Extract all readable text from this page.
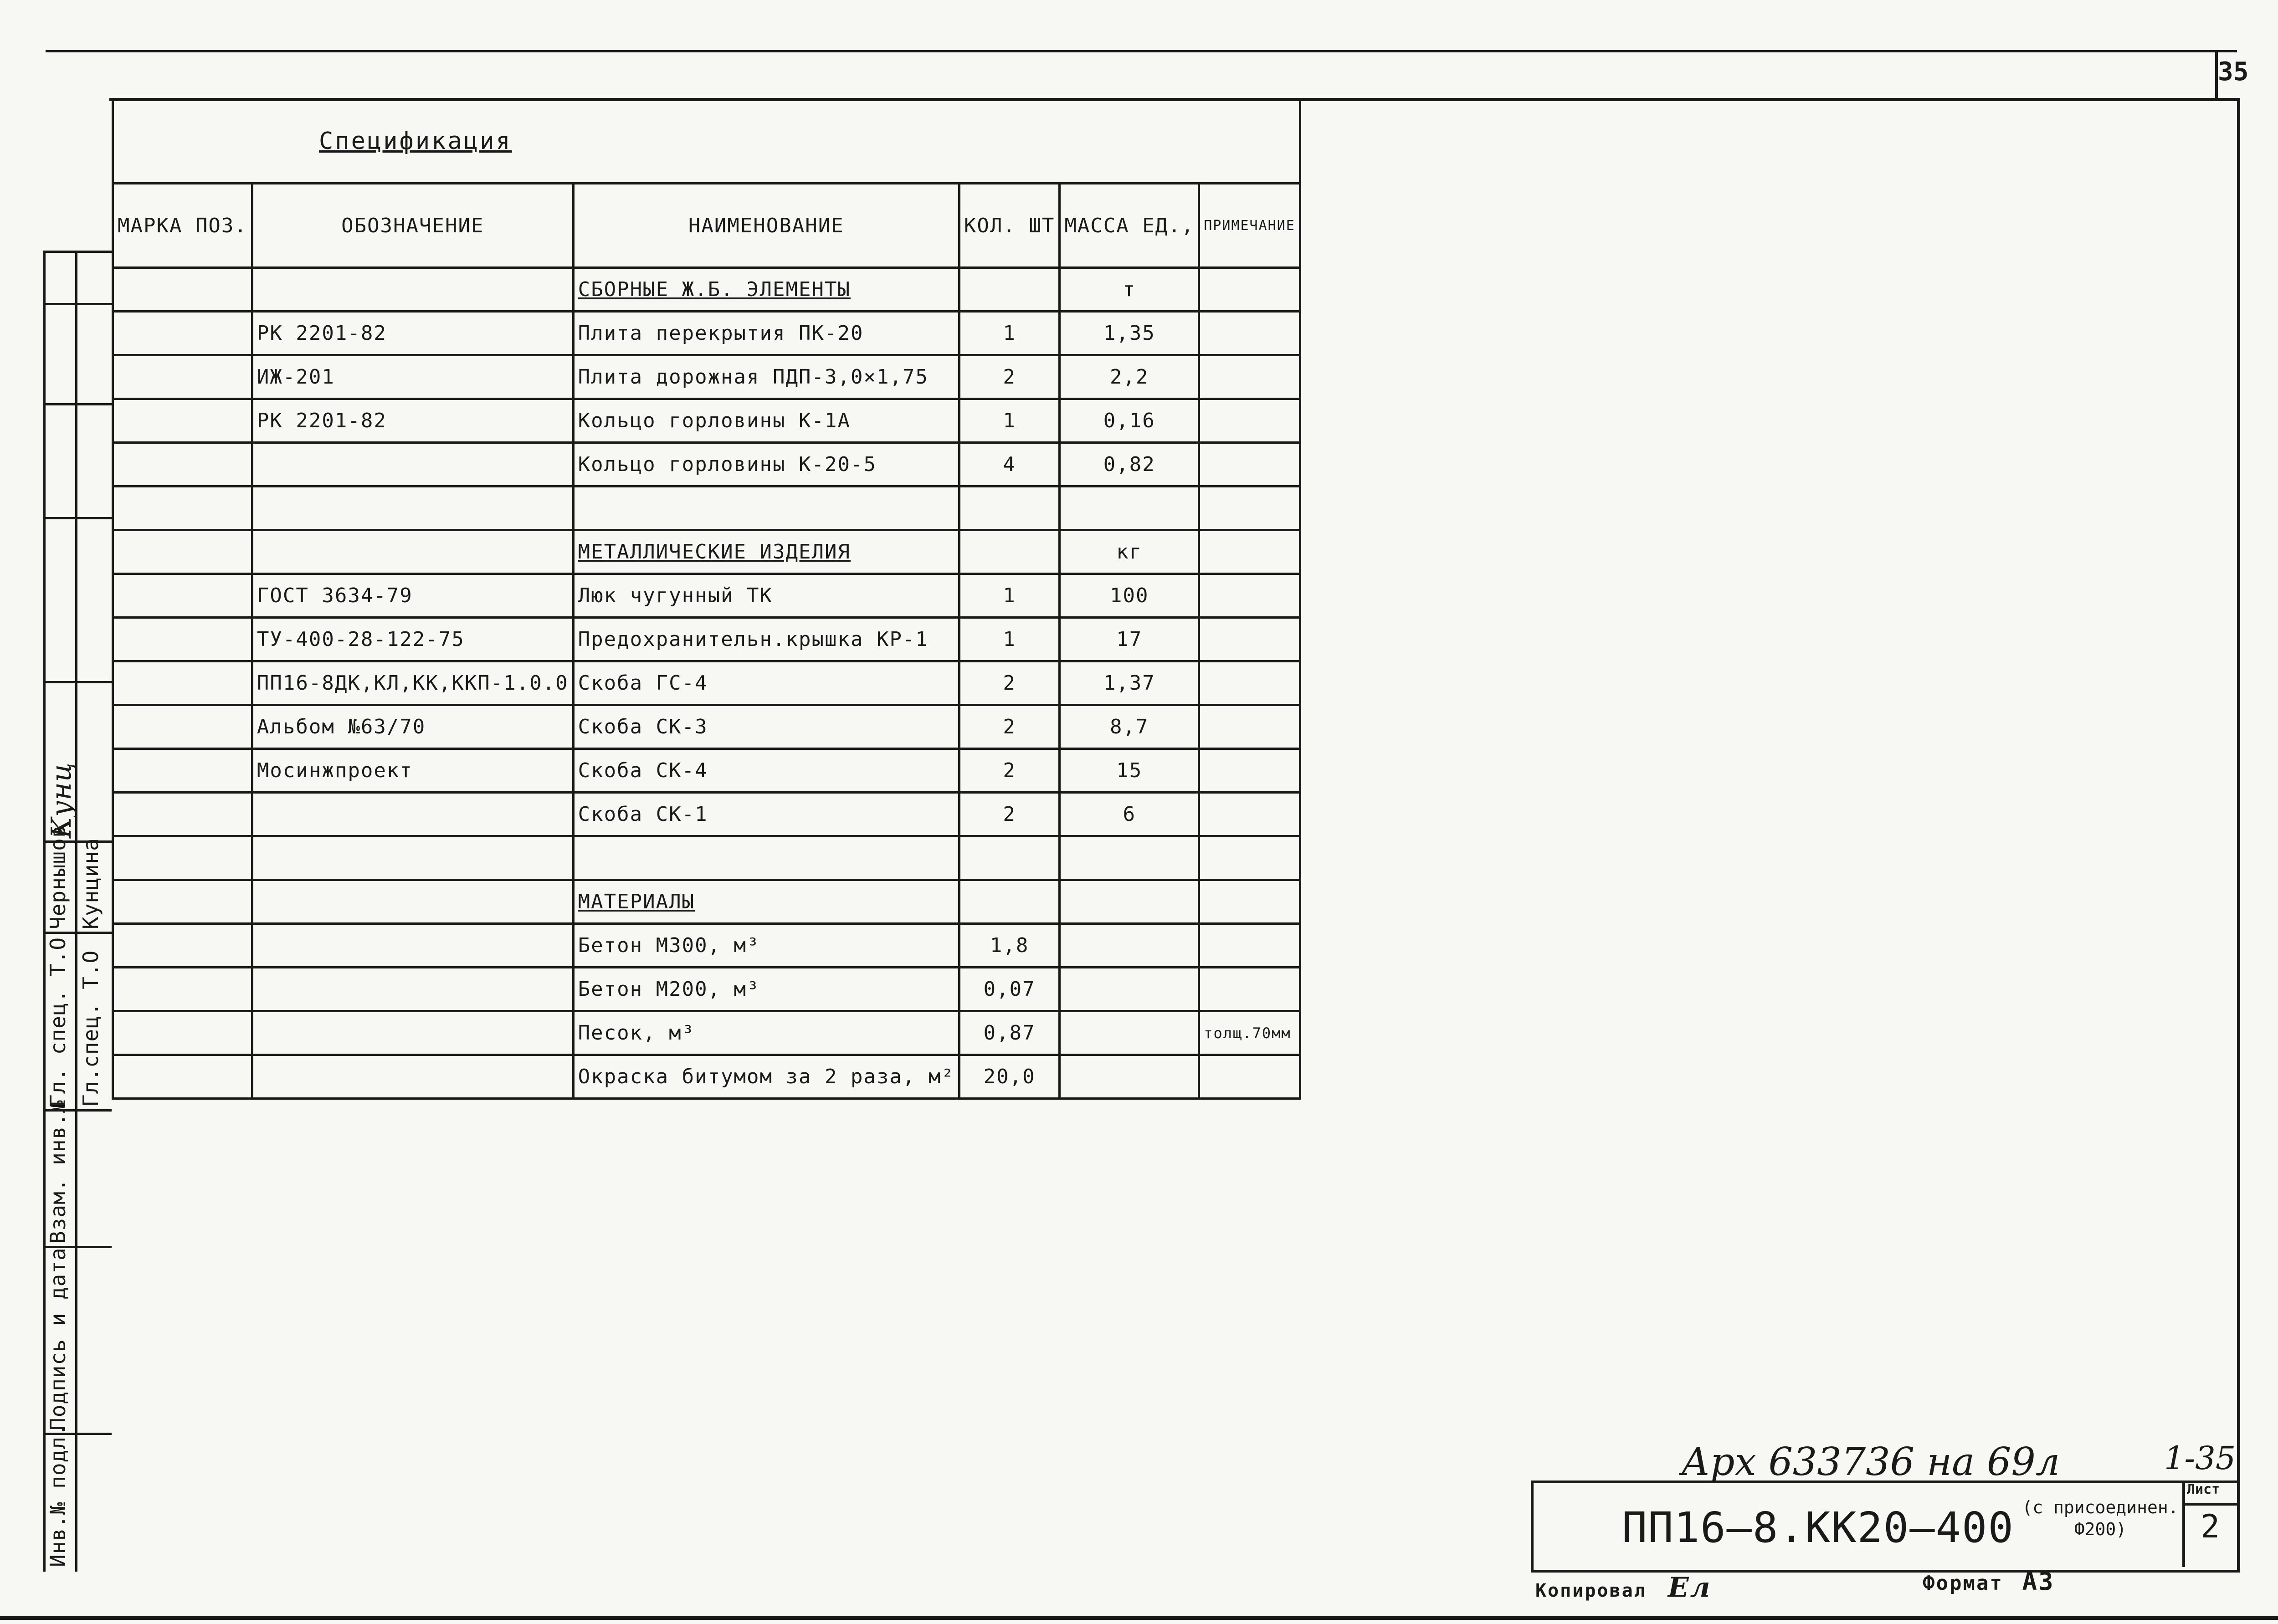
35
Спецификация					
МАРКА ПОЗ.	ОБОЗНАЧЕНИЕ	НАИМЕНОВАНИЕ	КОЛ. ШТ	МАССА ЕД.,	ПРИМЕЧАНИЕ
		СБОРНЫЕ Ж.Б. ЭЛЕМЕНТЫ		т	
	РК 2201-82	Плита перекрытия ПК-20	1	1,35	
	ИЖ-201	Плита дорожная ПДП-3,0×1,75	2	2,2	
	РК 2201-82	Кольцо горловины К-1А	1	0,16	
		Кольцо горловины К-20-5	4	0,82	

		МЕТАЛЛИЧЕСКИЕ ИЗДЕЛИЯ		кг	
	ГОСТ 3634-79	Люк чугунный ТК	1	100	
	ТУ-400-28-122-75	Предохранительн.крышка КР-1	1	17	
	ПП16-8ДК,КЛ,КК,ККП-1.0.0	Скоба ГС-4	2	1,37	
	Альбом №63/70	Скоба СК-3	2	8,7	
	Мосинжпроект	Скоба СК-4	2	15	
		Скоба СК-1	2	6	

		МАТЕРИАЛЫ			
		Бетон М300, м³	1,8		
		Бетон М200, м³	0,07		
		Песок, м³	0,87		толщ.70мм
		Окраска битумом за 2 раза, м²	20,0		
Инв.№ подл.
Подпись и дата
Взам. инв.№
Гл. спец. Т.О Гл.спец. Т.О
Кунцина
Чернышов
Кунц
Арх 633736 на 69л	1-35
ПП16–8.КК20–400 (с присоединен. Ф200)
Лист
2
Копировал Ел	Формат А3
